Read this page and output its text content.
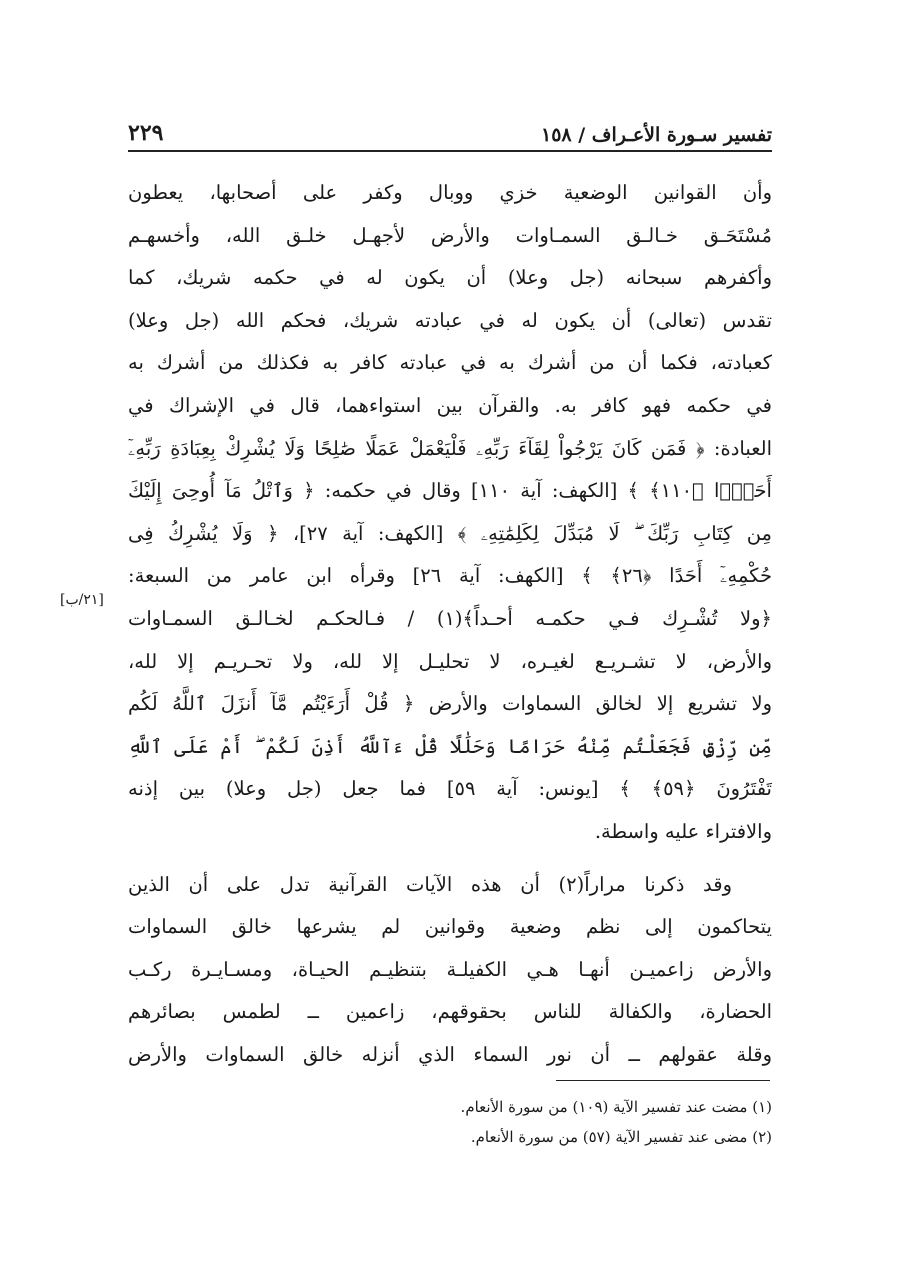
تفسير سـورة الأعـراف / ١٥٨
٢٢٩
وأن القوانين الوضعية خزي ووبال وكفر على أصحابها، يعطون
مُسْتَحَـق خـالـق السمـاوات والأرض لأجهـل خلـق الله، وأخسهـم
وأكفرهم سبحانه (جل وعلا) أن يكون له في حكمه شريك، كما
تقدس (تعالى) أن يكون له في عبادته شريك، فحكم الله (جل وعلا)
كعبادته، فكما أن من أشرك به في عبادته كافر به فكذلك من أشرك به
في حكمه فهو كافر به. والقرآن بين استواءهما، قال في الإشراك في
العبادة: ﴿ فَمَن كَانَ يَرْجُواْ لِقَآءَ رَبِّهِۦ فَلْيَعْمَلْ عَمَلًا صَٰلِحًا وَلَا يُشْرِكْ بِعِبَادَةِ رَبِّهِۦٓ
أَحَدًۢا ﴿١١٠﴾ ﴾ [الكهف: آية ١١٠] وقال في حكمه: ﴿ وَٱتْلُ مَآ أُوحِىَ إِلَيْكَ
مِن كِتَابِ رَبِّكَ ۖ لَا مُبَدِّلَ لِكَلِمَٰتِهِۦ ﴾ [الكهف: آية ٢٧]، ﴿ وَلَا يُشْرِكُ فِى
حُكْمِهِۦٓ أَحَدًا ﴿٢٦﴾ ﴾ [الكهف: آية ٢٦] وقرأه ابن عامر من السبعة:
﴿ولا تُشْـرِك فـي حكمـه أحـداً﴾(١) / فـالحكـم لخـالـق السمـاوات
والأرض، لا تشـريـع لغيـره، لا تحليـل إلا لله، ولا تحـريـم إلا لله،
ولا تشريع إلا لخالق السماوات والأرض ﴿ قُلْ أَرَءَيْتُم مَّآ أَنزَلَ ٱللَّهُ لَكُم
مِّن رِّزْقٍ فَجَعَلْتُم مِّنْهُ حَرَامًا وَحَلَٰلًا قُلْ ءَآللَّهُ أَذِنَ لَكُمْ ۖ أَمْ عَلَى ٱللَّهِ
تَفْتَرُونَ ﴿٥٩﴾ ﴾ [يونس: آية ٥٩] فما جعل (جل وعلا) بين إذنه
والافتراء عليه واسطة.
وقد ذكرنا مراراً(٢) أن هذه الآيات القرآنية تدل على أن الذين
يتحاكمون إلى نظم وضعية وقوانين لم يشرعها خالق السماوات
والأرض زاعميـن أنهـا هـي الكفيلـة بتنظيـم الحيـاة، ومسـايـرة ركـب
الحضارة، والكفالة للناس بحقوقهم، زاعمين ــ لطمس بصائرهم
وقلة عقولهم ــ أن نور السماء الذي أنزله خالق السماوات والأرض
[٢١/ب]
(١) مضت عند تفسير الآية (١٠٩) من سورة الأنعام.
(٢) مضى عند تفسير الآية (٥٧) من سورة الأنعام.
